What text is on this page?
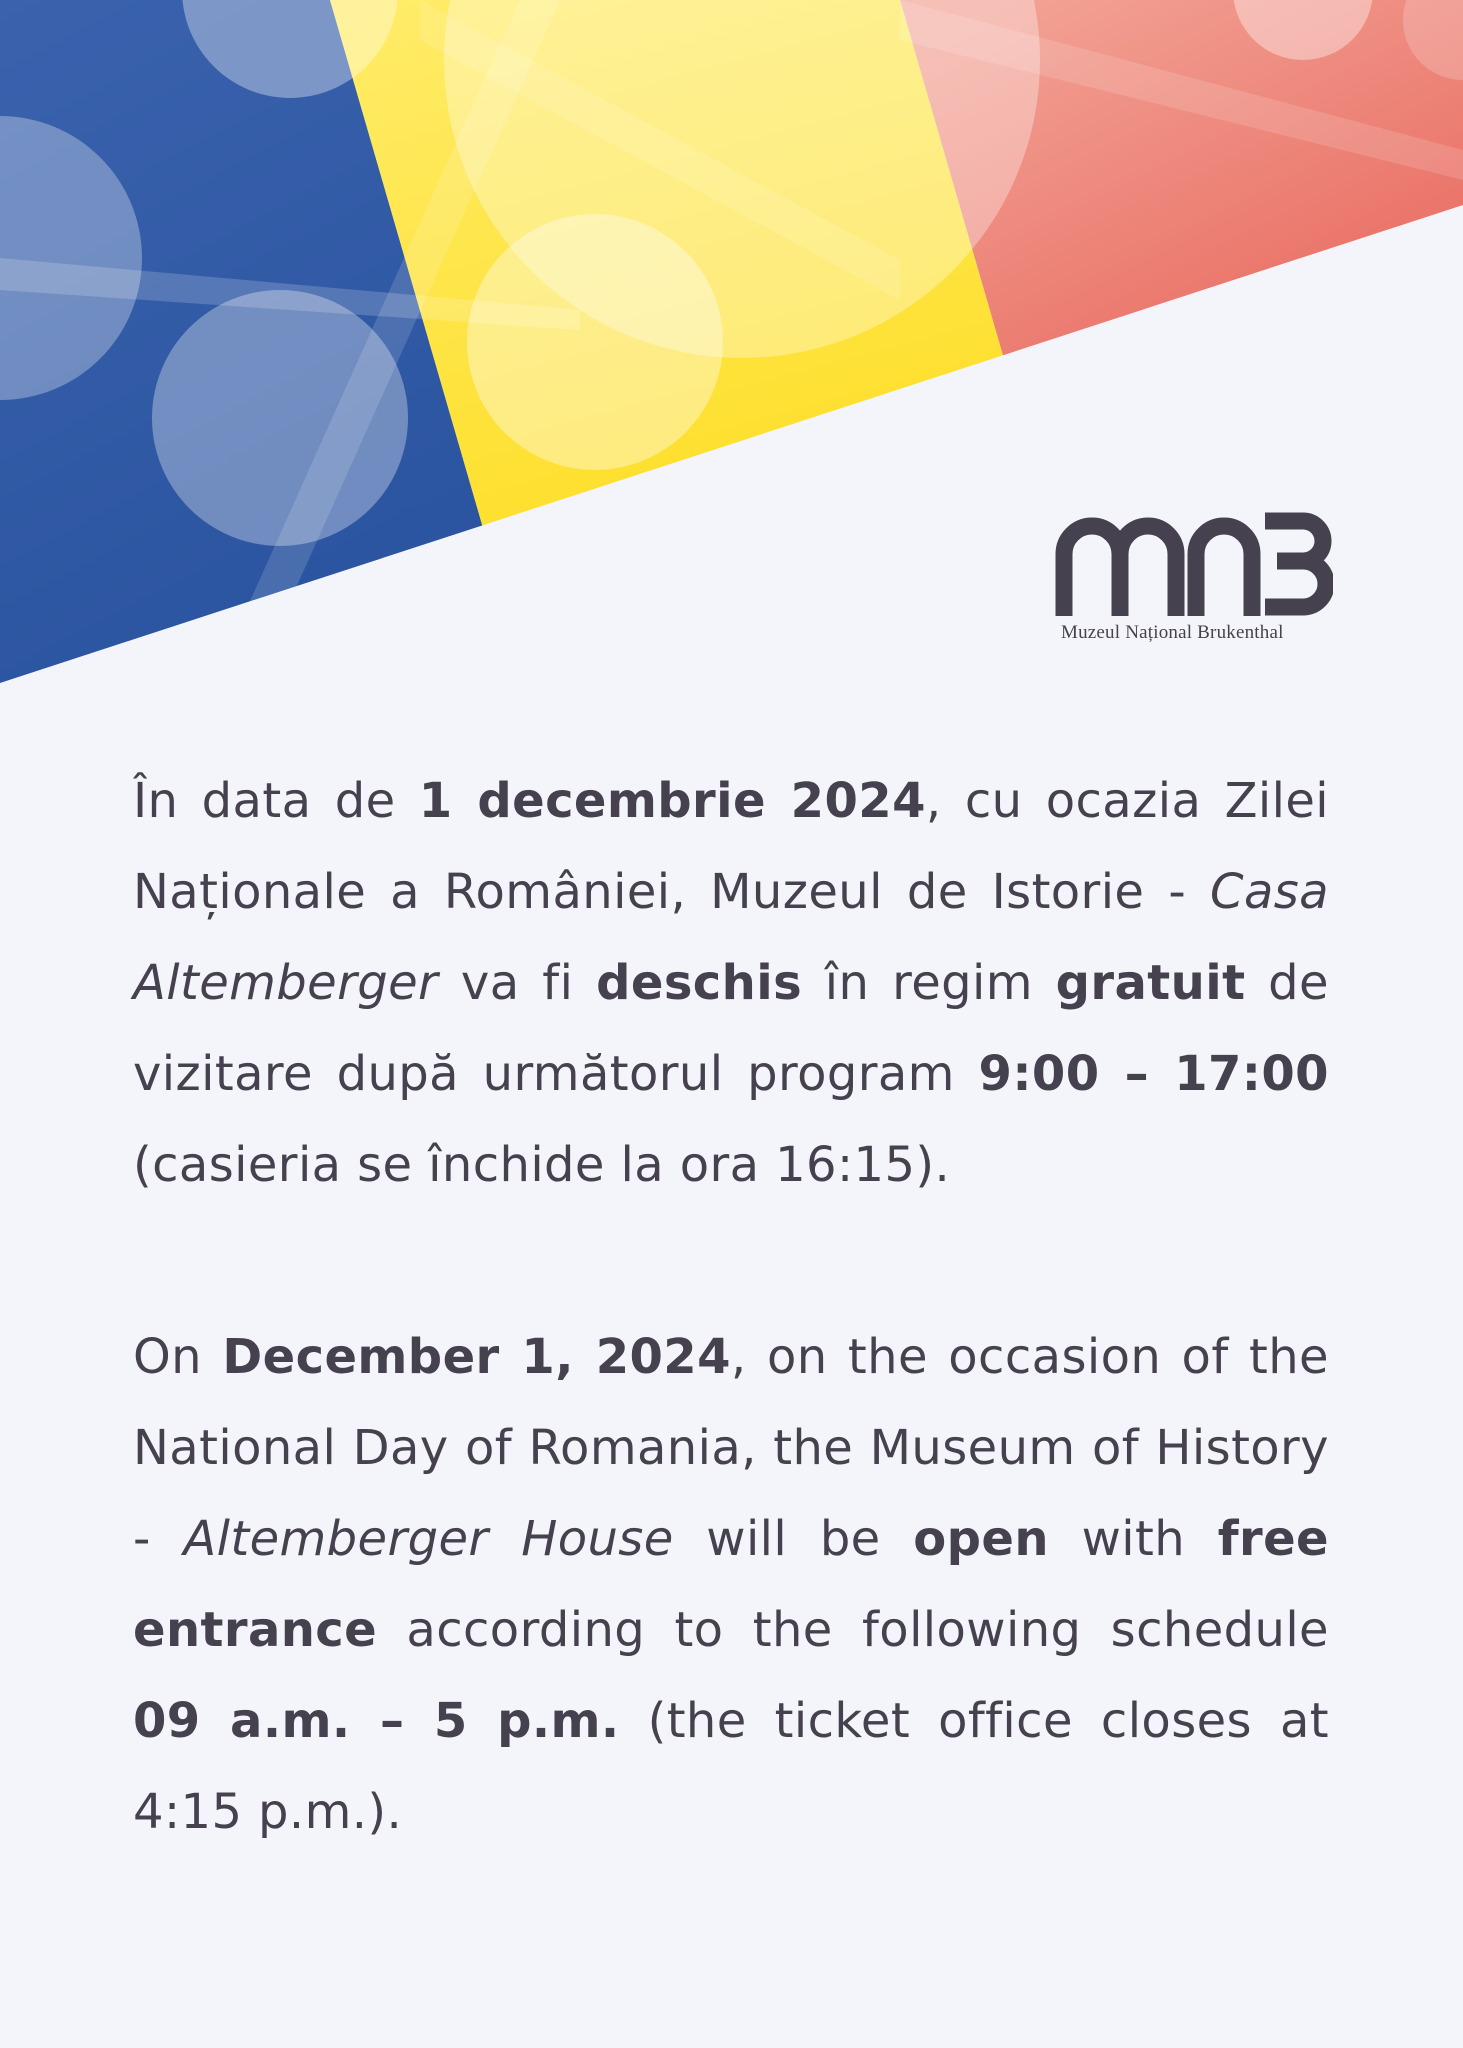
Muzeul Național Brukenthal

În data de 1 decembrie 2024, cu ocazia Zilei Naționale a României, Muzeul de Istorie - Casa Altemberger va fi deschis în regim gratuit de vizitare după următorul program 9:00 – 17:00 (casieria se închide la ora 16:15).

On December 1, 2024, on the occasion of the National Day of Romania, the Museum of History - Altemberger House will be open with free entrance according to the following schedule 09 a.m. – 5 p.m. (the ticket office closes at 4:15 p.m.).
